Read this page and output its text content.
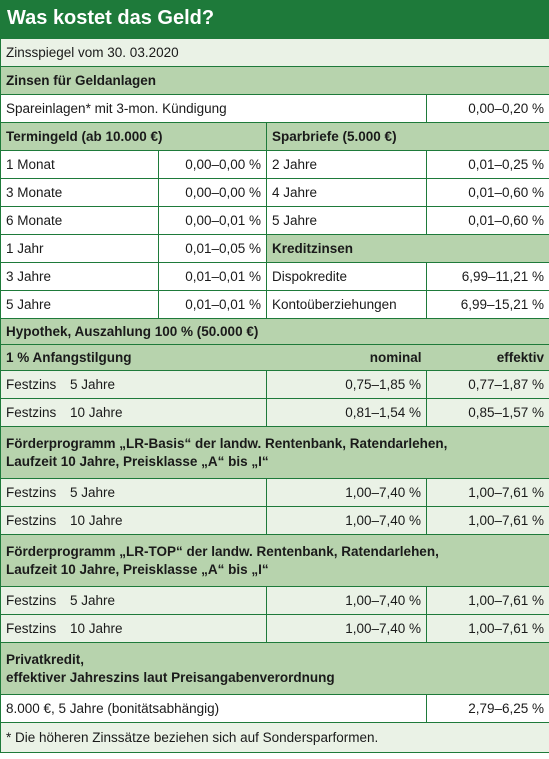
Was kostet das Geld?
Zinsspiegel vom 30. 03.2020			
Zinsen für Geldanlagen			
Spareinlagen* mit 3-mon. Kündigung			0,00–0,20 %
Termingeld (ab 10.000 €)		Sparbriefe (5.000 €)	
1 Monat	0,00–0,00 %	2 Jahre	0,01–0,25 %
3 Monate	0,00–0,00 %	4 Jahre	0,01–0,60 %
6 Monate	0,00–0,01 %	5 Jahre	0,01–0,60 %
1 Jahr	0,01–0,05 %	Kreditzinsen	
3 Jahre	0,01–0,01 %	Dispokredite	6,99–11,21 %
5 Jahre	0,01–0,01 %	Kontoüberziehungen	6,99–15,21 %
Hypothek, Auszahlung 100 % (50.000 €)			
1 % Anfangstilgung		nominal	effektiv
Festzins 5 Jahre		0,75–1,85 %	0,77–1,87 %
Festzins 10 Jahre		0,81–1,54 %	0,85–1,57 %

Förderprogramm „LR-Basis“ der landw. Rentenbank, Ratendarlehen,
Laufzeit 10 Jahre, Preisklasse „A“ bis „I“			

Festzins 5 Jahre		1,00–7,40 %	1,00–7,61 %
Festzins 10 Jahre		1,00–7,40 %	1,00–7,61 %

Förderprogramm „LR-TOP“ der landw. Rentenbank, Ratendarlehen,
Laufzeit 10 Jahre, Preisklasse „A“ bis „I“			

Festzins 5 Jahre		1,00–7,40 %	1,00–7,61 %
Festzins 10 Jahre		1,00–7,40 %	1,00–7,61 %

Privatkredit,
effektiver Jahreszins laut Preisangabenverordnung			

8.000 €, 5 Jahre (bonitätsabhängig)			2,79–6,25 %
* Die höheren Zinssätze beziehen sich auf Sondersparformen.			
